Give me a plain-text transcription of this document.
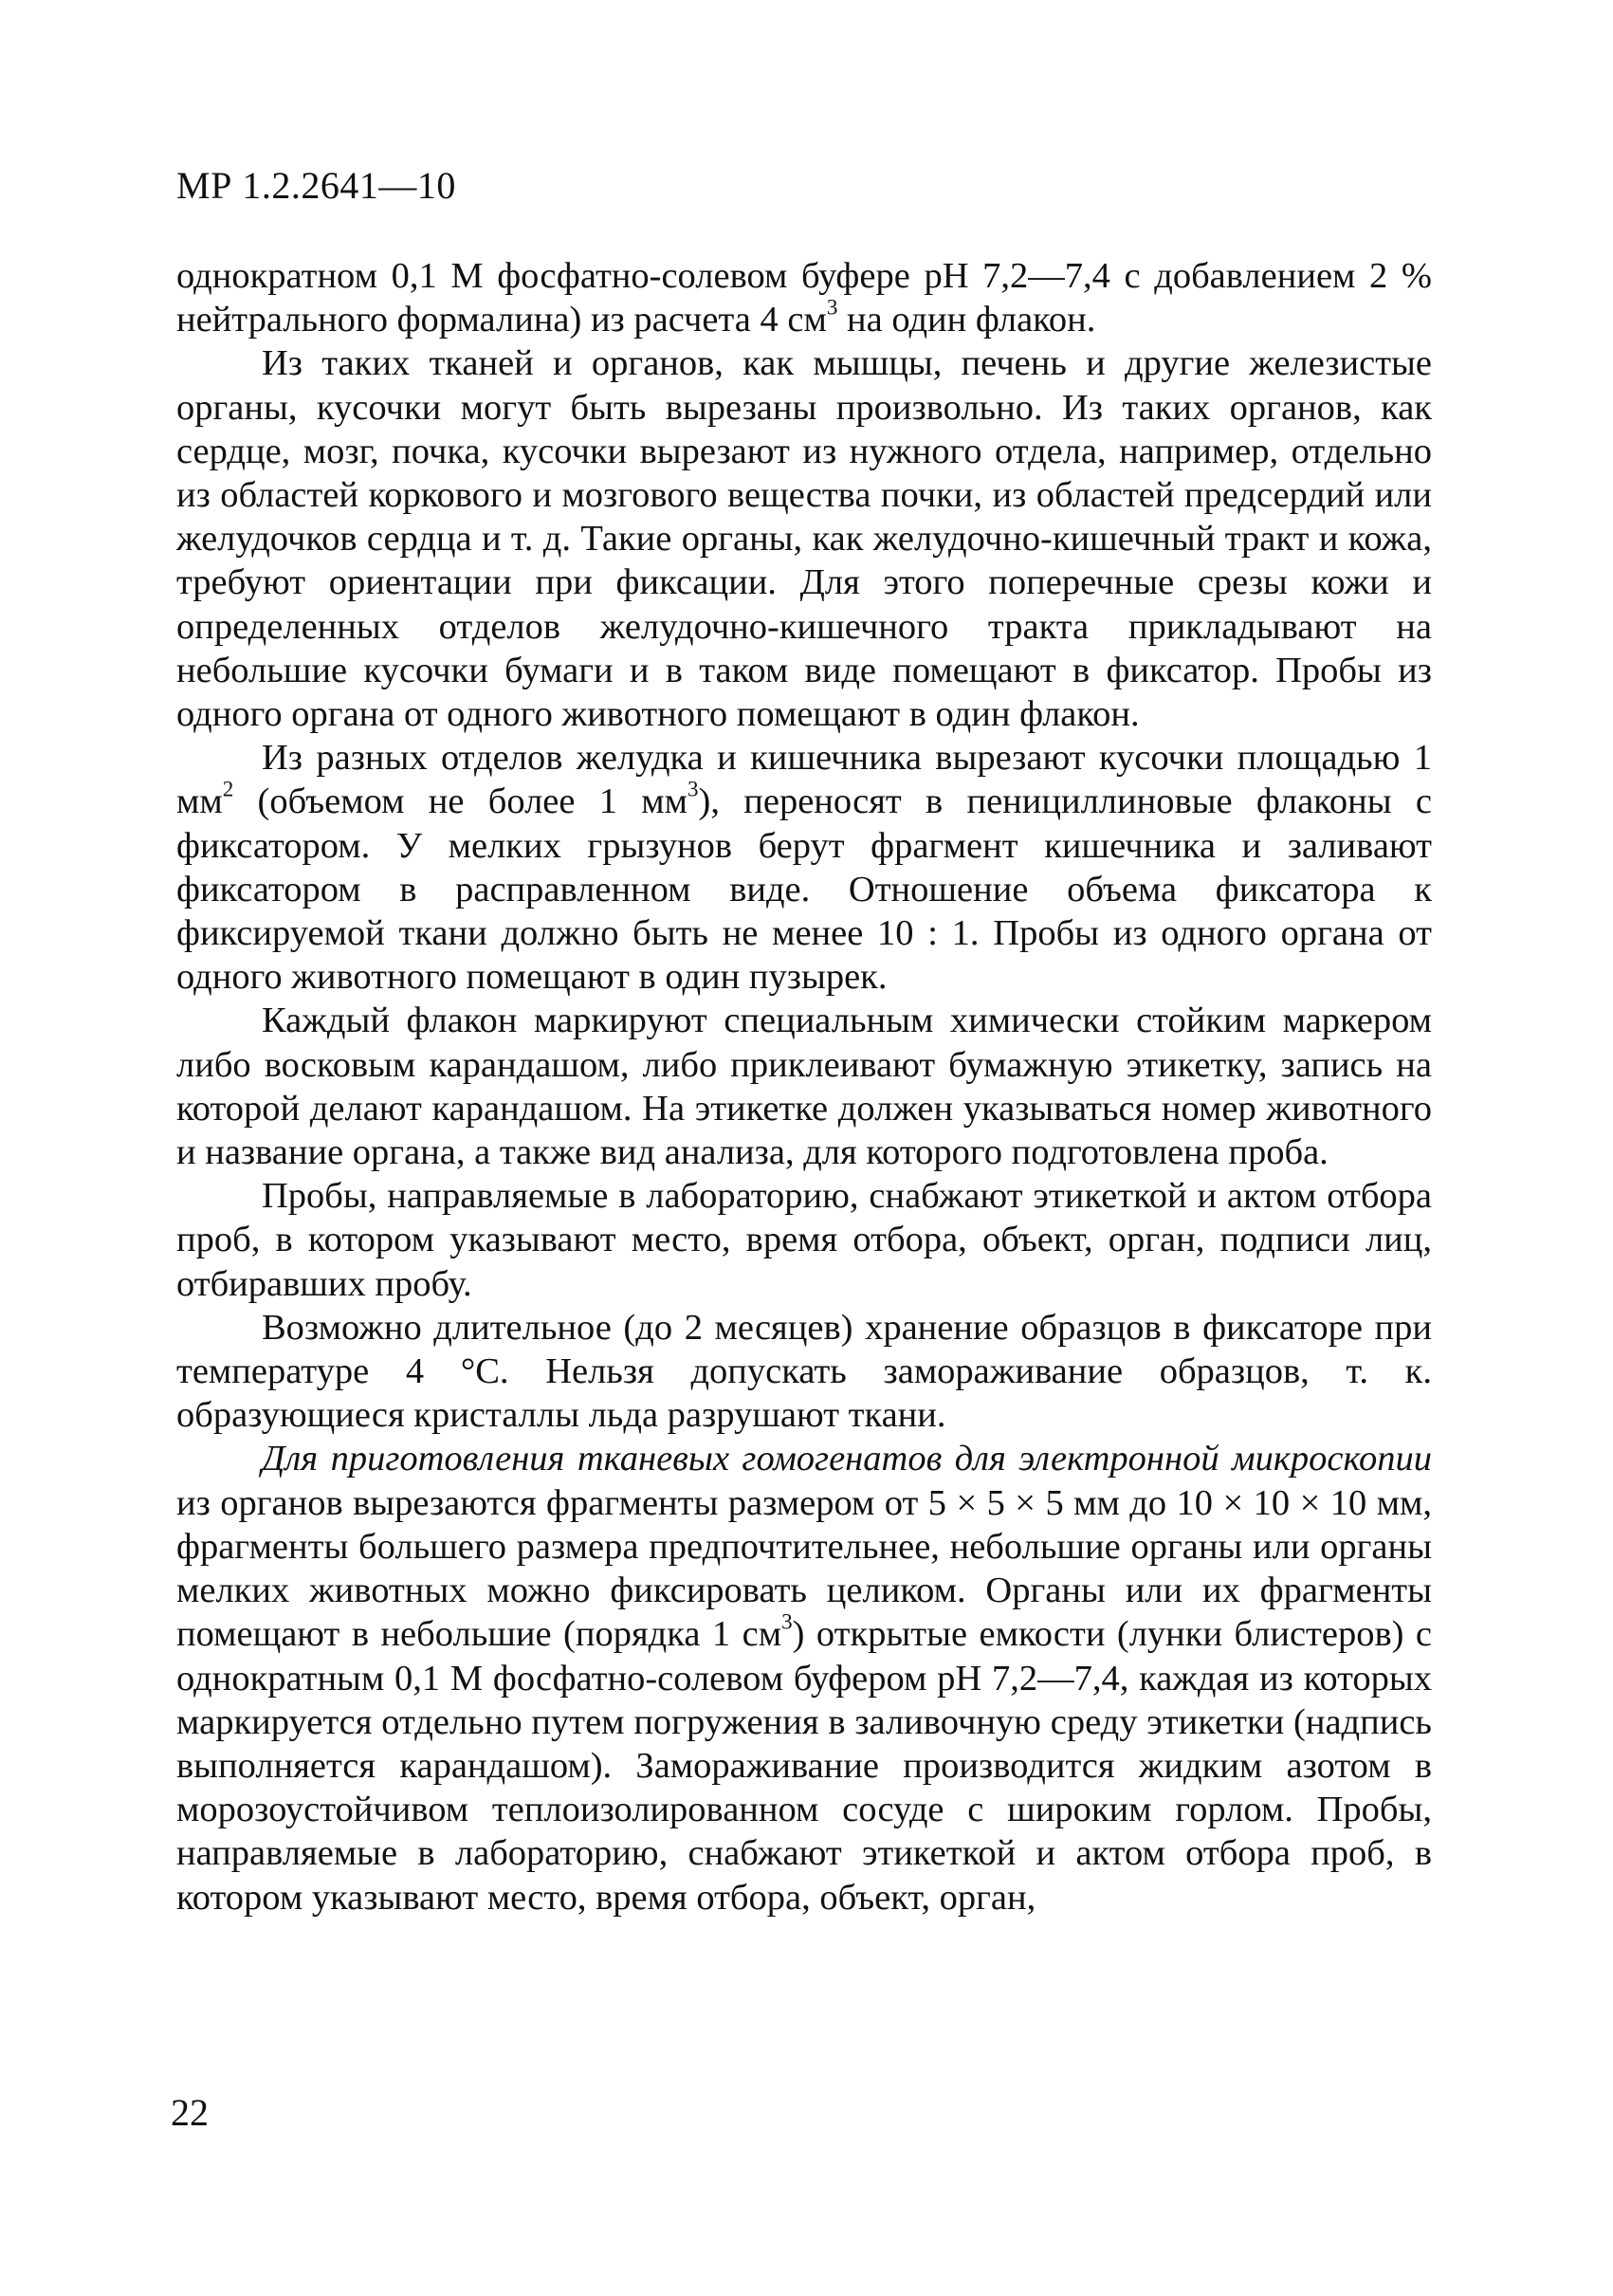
МР 1.2.2641—10

однократном 0,1 М фосфатно-солевом буфере pH 7,2—7,4 с добавлением 2 % нейтрального формалина) из расчета 4 $см^3$ на один флакон.

Из таких тканей и органов, как мышцы, печень и другие железистые органы, кусочки могут быть вырезаны произвольно. Из таких органов, как сердце, мозг, почка, кусочки вырезают из нужного отдела, например, отдельно из областей коркового и мозгового вещества почки, из областей предсердий или желудочков сердца и т. д. Такие органы, как желудочно-кишечный тракт и кожа, требуют ориентации при фиксации. Для этого поперечные срезы кожи и определенных отделов желудочно-кишечного тракта прикладывают на небольшие кусочки бумаги и в таком виде помещают в фиксатор. Пробы из одного органа от одного животного помещают в один флакон.

Из разных отделов желудка и кишечника вырезают кусочки площадью 1 $мм^2$ (объемом не более 1 $мм^3$), переносят в пенициллиновые флаконы с фиксатором. У мелких грызунов берут фрагмент кишечника и заливают фиксатором в расправленном виде. Отношение объема фиксатора к фиксируемой ткани должно быть не менее 10 : 1. Пробы из одного органа от одного животного помещают в один пузырек.

Каждый флакон маркируют специальным химически стойким маркером либо восковым карандашом, либо приклеивают бумажную этикетку, запись на которой делают карандашом. На этикетке должен указываться номер животного и название органа, а также вид анализа, для которого подготовлена проба.

Пробы, направляемые в лабораторию, снабжают этикеткой и актом отбора проб, в котором указывают место, время отбора, объект, орган, подписи лиц, отбиравших пробу.

Возможно длительное (до 2 месяцев) хранение образцов в фиксаторе при температуре 4 °С. Нельзя допускать замораживание образцов, т. к. образующиеся кристаллы льда разрушают ткани.

Для приготовления тканевых гомогенатов для электронной микроскопии из органов вырезаются фрагменты размером от 5 × 5 × 5 мм до 10 × 10 × 10 мм, фрагменты большего размера предпочтительнее, небольшие органы или органы мелких животных можно фиксировать целиком. Органы или их фрагменты помещают в небольшие (порядка 1 $см^3$) открытые емкости (лунки блистеров) с однократным 0,1 М фосфатно-солевом буфером pH 7,2—7,4, каждая из которых маркируется отдельно путем погружения в заливочную среду этикетки (надпись выполняется карандашом). Замораживание производится жидким азотом в морозоустойчивом теплоизолированном сосуде с широким горлом. Пробы, направляемые в лабораторию, снабжают этикеткой и актом отбора проб, в котором указывают место, время отбора, объект, орган,

22
